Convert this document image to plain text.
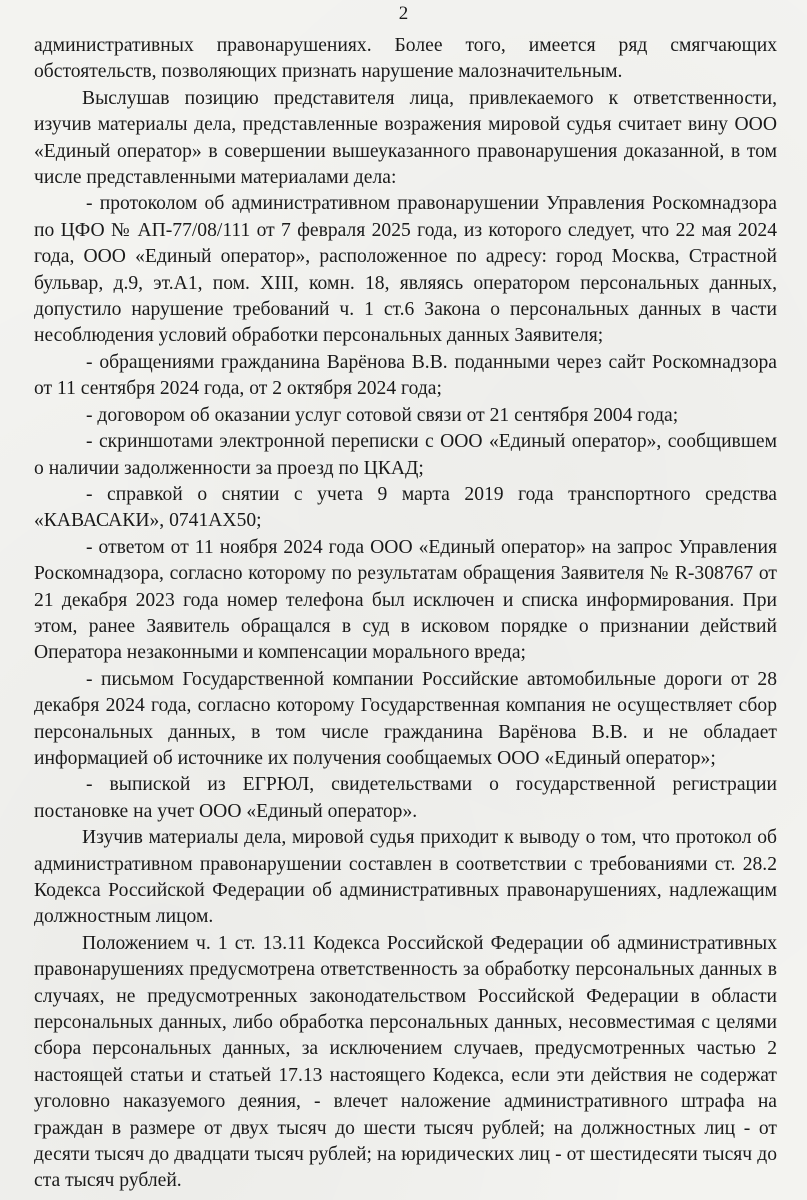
2

административных правонарушениях. Более того, имеется ряд смягчающих обстоятельств, позволяющих признать нарушение малозначительным.

Выслушав позицию представителя лица, привлекаемого к ответственности, изучив материалы дела, представленные возражения мировой судья считает вину ООО «Единый оператор» в совершении вышеуказанного правонарушения доказанной, в том числе представленными материалами дела:

- протоколом об административном правонарушении Управления Роскомнадзора по ЦФО № АП-77/08/111 от 7 февраля 2025 года, из которого следует, что 22 мая 2024 года, ООО «Единый оператор», расположенное по адресу: город Москва, Страстной бульвар, д.9, эт.А1, пом. XIII, комн. 18, являясь оператором персональных данных, допустило нарушение требований ч. 1 ст.6 Закона о персональных данных в части несоблюдения условий обработки персональных данных Заявителя;

- обращениями гражданина Варёнова В.В. поданными через сайт Роскомнадзора от 11 сентября 2024 года, от 2 октября 2024 года;

- договором об оказании услуг сотовой связи от 21 сентября 2004 года;

- скриншотами электронной переписки с ООО «Единый оператор», сообщившем о наличии задолженности за проезд по ЦКАД;

- справкой о снятии с учета 9 марта 2019 года транспортного средства «КАВАСАКИ», 0741АХ50;

- ответом от 11 ноября 2024 года ООО «Единый оператор» на запрос Управления Роскомнадзора, согласно которому по результатам обращения Заявителя № R-308767 от 21 декабря 2023 года номер телефона был исключен и списка информирования. При этом, ранее Заявитель обращался в суд в исковом порядке о признании действий Оператора незаконными и компенсации морального вреда;

- письмом Государственной компании Российские автомобильные дороги от 28 декабря 2024 года, согласно которому Государственная компания не осуществляет сбор персональных данных, в том числе гражданина Варёнова В.В. и не обладает информацией об источнике их получения сообщаемых ООО «Единый оператор»;

- выпиской из ЕГРЮЛ, свидетельствами о государственной регистрации постановке на учет ООО «Единый оператор».

Изучив материалы дела, мировой судья приходит к выводу о том, что протокол об административном правонарушении составлен в соответствии с требованиями ст. 28.2 Кодекса Российской Федерации об административных правонарушениях, надлежащим должностным лицом.

Положением ч. 1 ст. 13.11 Кодекса Российской Федерации об административных правонарушениях предусмотрена ответственность за обработку персональных данных в случаях, не предусмотренных законодательством Российской Федерации в области персональных данных, либо обработка персональных данных, несовместимая с целями сбора персональных данных, за исключением случаев, предусмотренных частью 2 настоящей статьи и статьей 17.13 настоящего Кодекса, если эти действия не содержат уголовно наказуемого деяния, - влечет наложение административного штрафа на граждан в размере от двух тысяч до шести тысяч рублей; на должностных лиц - от десяти тысяч до двадцати тысяч рублей; на юридических лиц - от шестидесяти тысяч до ста тысяч рублей.
